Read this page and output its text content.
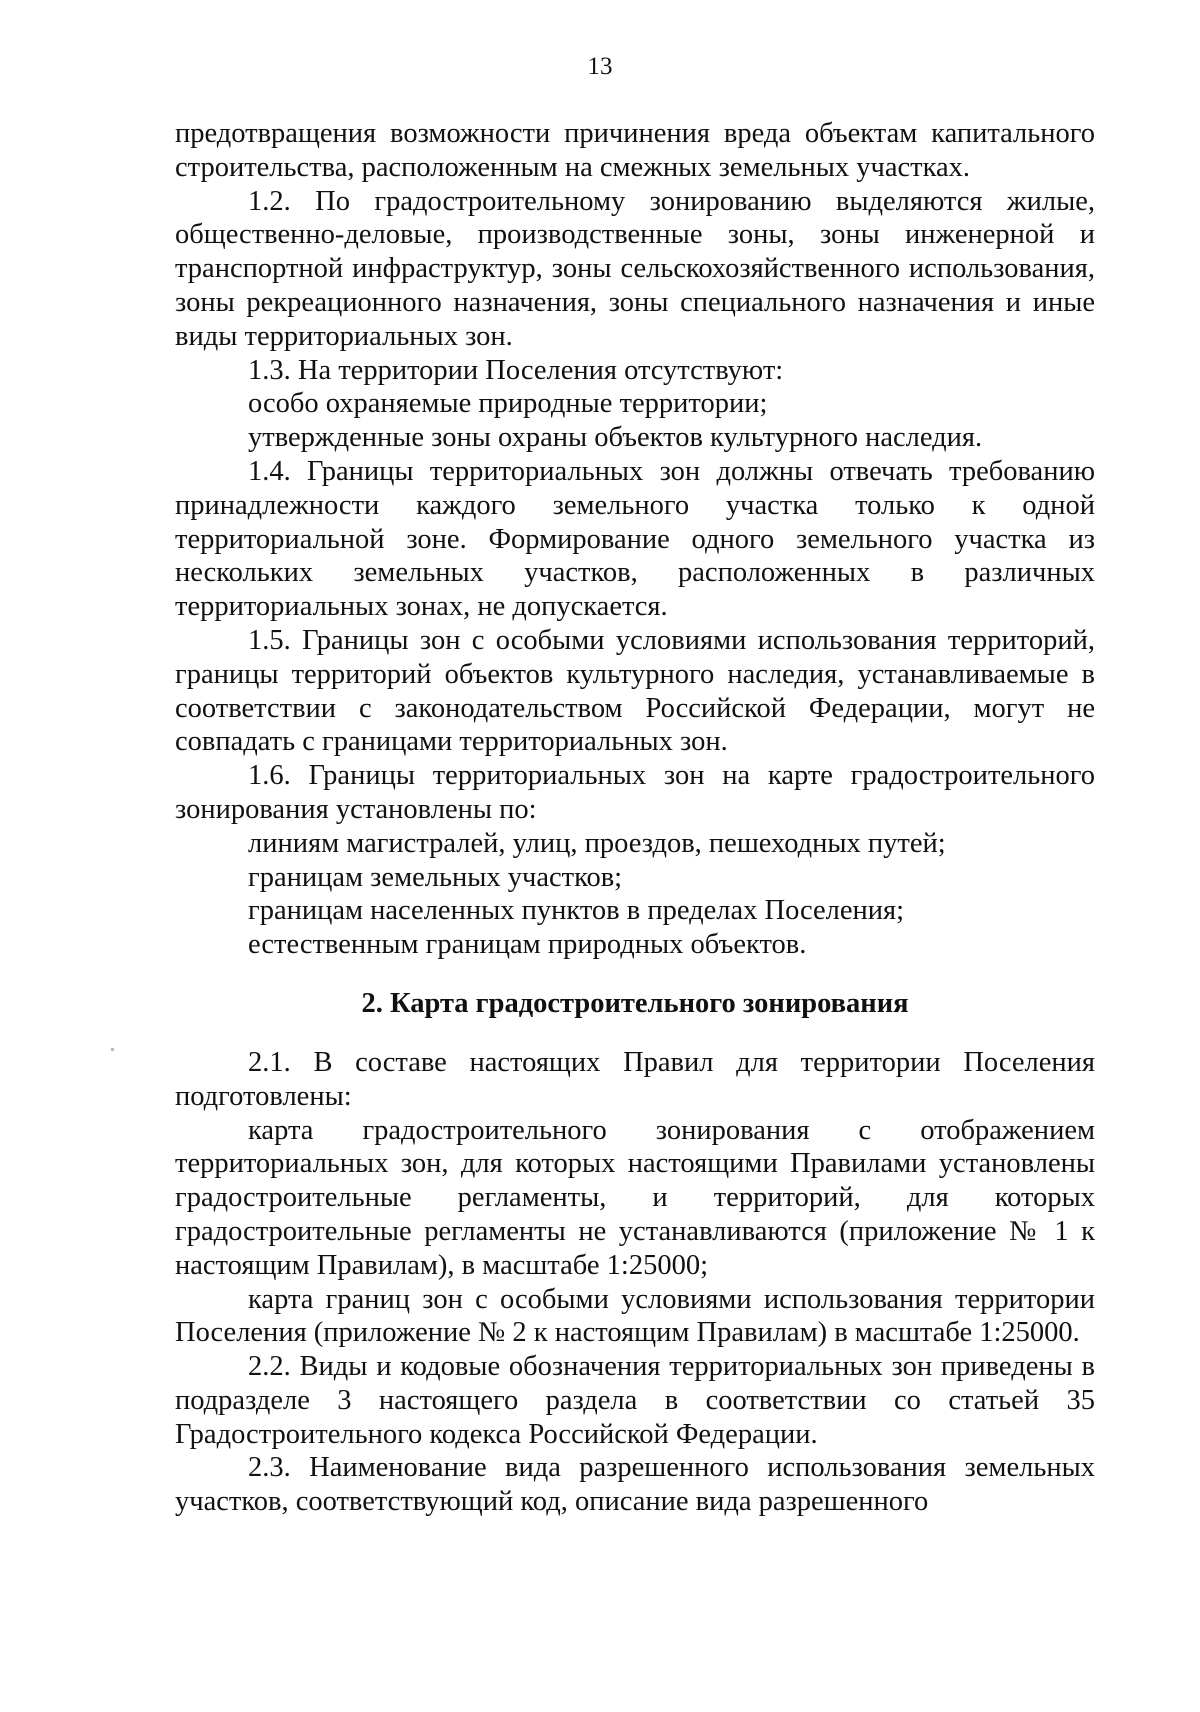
13

предотвращения возможности причинения вреда объектам капитального строительства, расположенным на смежных земельных участках.

1.2. По градостроительному зонированию выделяются жилые, общественно-деловые, производственные зоны, зоны инженерной и транспортной инфраструктур, зоны сельскохозяйственного использования, зоны рекреационного назначения, зоны специального назначения и иные виды территориальных зон.

1.3. На территории Поселения отсутствуют:

особо охраняемые природные территории;

утвержденные зоны охраны объектов культурного наследия.

1.4. Границы территориальных зон должны отвечать требованию принадлежности каждого земельного участка только к одной территориальной зоне. Формирование одного земельного участка из нескольких земельных участков, расположенных в различных территориальных зонах, не допускается.

1.5. Границы зон с особыми условиями использования территорий, границы территорий объектов культурного наследия, устанавливаемые в соответствии с законодательством Российской Федерации, могут не совпадать с границами территориальных зон.

1.6. Границы территориальных зон на карте градостроительного зонирования установлены по:

линиям магистралей, улиц, проездов, пешеходных путей;

границам земельных участков;

границам населенных пунктов в пределах Поселения;

естественным границам природных объектов.

2. Карта градостроительного зонирования

2.1. В составе настоящих Правил для территории Поселения подготовлены:

карта градостроительного зонирования с отображением территориальных зон, для которых настоящими Правилами установлены градостроительные регламенты, и территорий, для которых градостроительные регламенты не устанавливаются (приложение № 1 к настоящим Правилам), в масштабе 1:25000;

карта границ зон с особыми условиями использования территории Поселения (приложение № 2 к настоящим Правилам) в масштабе 1:25000.

2.2. Виды и кодовые обозначения территориальных зон приведены в подразделе 3 настоящего раздела в соответствии со статьей 35 Градостроительного кодекса Российской Федерации.

2.3. Наименование вида разрешенного использования земельных участков, соответствующий код, описание вида разрешенного
